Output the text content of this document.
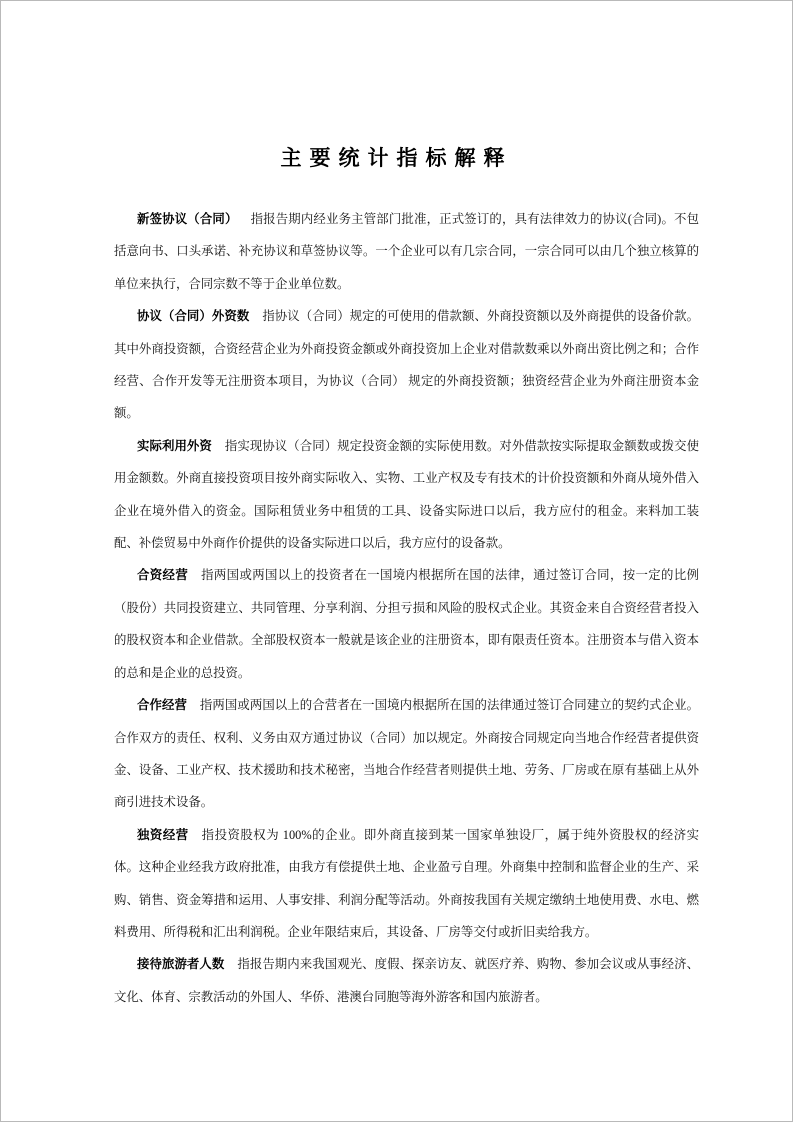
主要统计指标解释

新签协议（合同） 指报告期内经业务主管部门批准，正式签订的，具有法律效力的协议(合同)。不包括意向书、口头承诺、补充协议和草签协议等。一个企业可以有几宗合同，一宗合同可以由几个独立核算的单位来执行，合同宗数不等于企业单位数。

协议（合同）外资数 指协议（合同）规定的可使用的借款额、外商投资额以及外商提供的设备价款。其中外商投资额，合资经营企业为外商投资金额或外商投资加上企业对借款数乘以外商出资比例之和；合作经营、合作开发等无注册资本项目，为协议（合同） 规定的外商投资额；独资经营企业为外商注册资本金额。

实际利用外资 指实现协议（合同）规定投资金额的实际使用数。对外借款按实际提取金额数或拨交使用金额数。外商直接投资项目按外商实际收入、实物、工业产权及专有技术的计价投资额和外商从境外借入企业在境外借入的资金。国际租赁业务中租赁的工具、设备实际进口以后，我方应付的租金。来料加工装配、补偿贸易中外商作价提供的设备实际进口以后，我方应付的设备款。

合资经营 指两国或两国以上的投资者在一国境内根据所在国的法律，通过签订合同，按一定的比例（股份）共同投资建立、共同管理、分享利润、分担亏损和风险的股权式企业。其资金来自合资经营者投入的股权资本和企业借款。全部股权资本一般就是该企业的注册资本，即有限责任资本。注册资本与借入资本的总和是企业的总投资。

合作经营 指两国或两国以上的合营者在一国境内根据所在国的法律通过签订合同建立的契约式企业。合作双方的责任、权利、义务由双方通过协议（合同）加以规定。外商按合同规定向当地合作经营者提供资金、设备、工业产权、技术援助和技术秘密，当地合作经营者则提供土地、劳务、厂房或在原有基础上从外商引进技术设备。

独资经营 指投资股权为 100%的企业。即外商直接到某一国家单独设厂，属于纯外资股权的经济实体。这种企业经我方政府批准，由我方有偿提供土地、企业盈亏自理。外商集中控制和监督企业的生产、采购、销售、资金筹措和运用、人事安排、利润分配等活动。外商按我国有关规定缴纳土地使用费、水电、燃料费用、所得税和汇出利润税。企业年限结束后，其设备、厂房等交付或折旧卖给我方。

接待旅游者人数 指报告期内来我国观光、度假、探亲访友、就医疗养、购物、参加会议或从事经济、文化、体育、宗教活动的外国人、华侨、港澳台同胞等海外游客和国内旅游者。
